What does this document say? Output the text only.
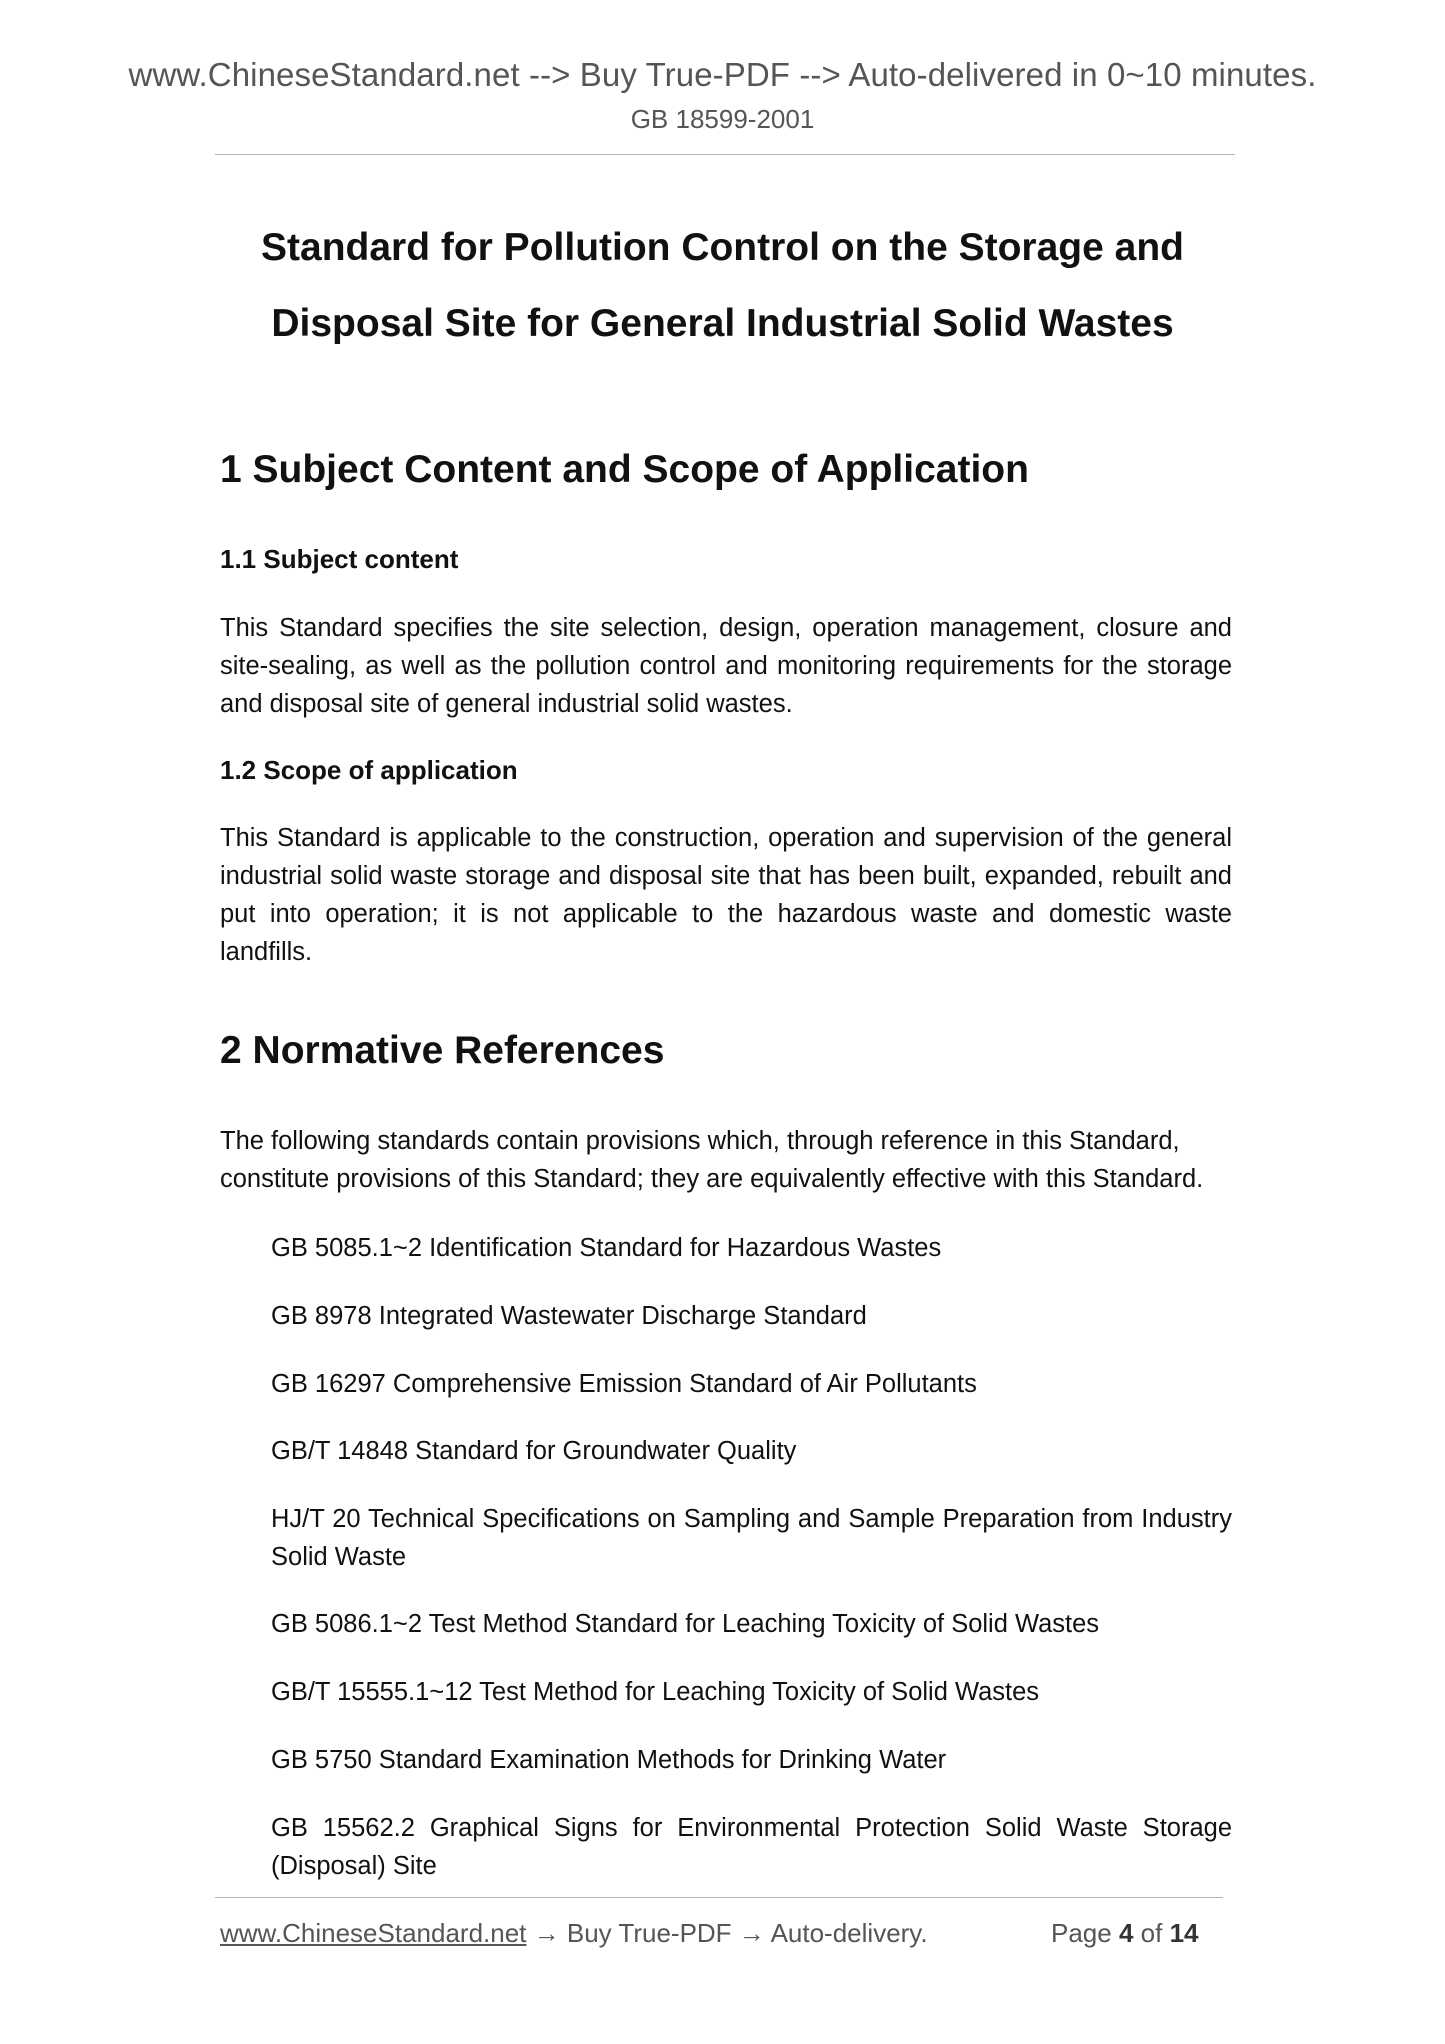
www.ChineseStandard.net --> Buy True-PDF --> Auto-delivered in 0~10 minutes.
GB 18599-2001
Standard for Pollution Control on the Storage and
Disposal Site for General Industrial Solid Wastes
1 Subject Content and Scope of Application
1.1 Subject content
This Standard specifies the site selection, design, operation management, closure and site-sealing, as well as the pollution control and monitoring requirements for the storage and disposal site of general industrial solid wastes.
1.2 Scope of application
This Standard is applicable to the construction, operation and supervision of the general industrial solid waste storage and disposal site that has been built, expanded, rebuilt and put into operation; it is not applicable to the hazardous waste and domestic waste landfills.
2 Normative References
The following standards contain provisions which, through reference in this Standard, constitute provisions of this Standard; they are equivalently effective with this Standard.
GB 5085.1~2 Identification Standard for Hazardous Wastes
GB 8978 Integrated Wastewater Discharge Standard
GB 16297 Comprehensive Emission Standard of Air Pollutants
GB/T 14848 Standard for Groundwater Quality
HJ/T 20 Technical Specifications on Sampling and Sample Preparation from Industry Solid Waste
GB 5086.1~2 Test Method Standard for Leaching Toxicity of Solid Wastes
GB/T 15555.1~12 Test Method for Leaching Toxicity of Solid Wastes
GB 5750 Standard Examination Methods for Drinking Water
GB 15562.2 Graphical Signs for Environmental Protection Solid Waste Storage (Disposal) Site
www.ChineseStandard.net → Buy True-PDF → Auto-delivery.	Page 4 of 14
